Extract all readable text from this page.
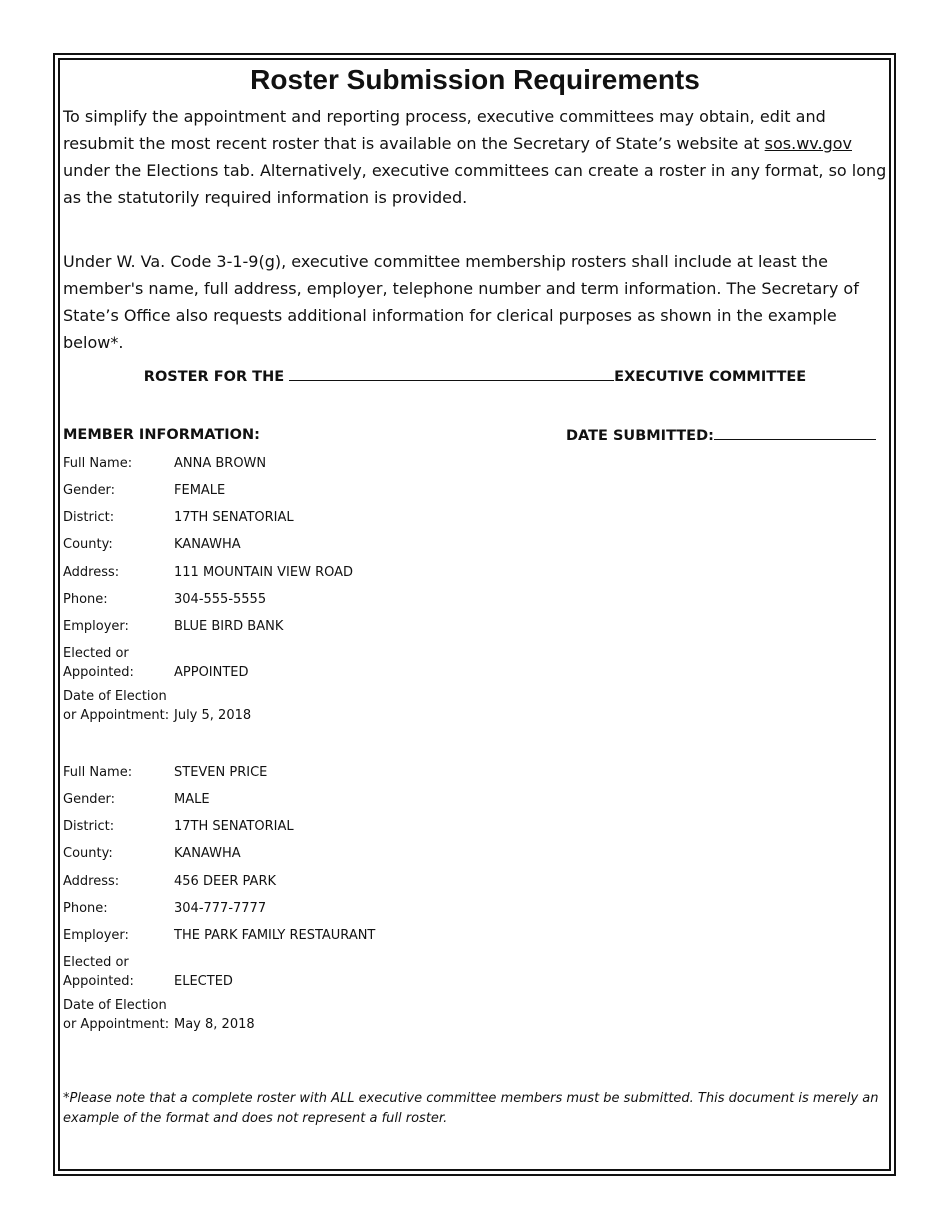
Roster Submission Requirements

To simplify the appointment and reporting process, executive committees may obtain, edit and resubmit the most recent roster that is available on the Secretary of State’s website at sos.wv.gov under the Elections tab. Alternatively, executive committees can create a roster in any format, so long as the statutorily required information is provided.

Under W. Va. Code 3-1-9(g), executive committee membership rosters shall include at least the member's name, full address, employer, telephone number and term information. The Secretary of State’s Office also requests additional information for clerical purposes as shown in the example below*.

ROSTER FOR THE	EXECUTIVE COMMITTEE
MEMBER INFORMATION:	DATE SUBMITTED:
Full Name:	ANNA BROWN
Gender:	FEMALE
District:	17TH SENATORIAL
County:	KANAWHA
Address:	111 MOUNTAIN VIEW ROAD
Phone:	304-555-5555
Employer:	BLUE BIRD BANK
Elected or
Appointed:	APPOINTED
Date of Election
or Appointment: July 5, 2018
Full Name:	STEVEN PRICE
Gender:	MALE
District:	17TH SENATORIAL
County:	KANAWHA
Address:	456 DEER PARK
Phone:	304-777-7777
Employer:	THE PARK FAMILY RESTAURANT
Elected or
Appointed:	ELECTED
Date of Election
or Appointment: May 8, 2018

*Please note that a complete roster with ALL executive committee members must be submitted. This document is merely an example of the format and does not represent a full roster.
